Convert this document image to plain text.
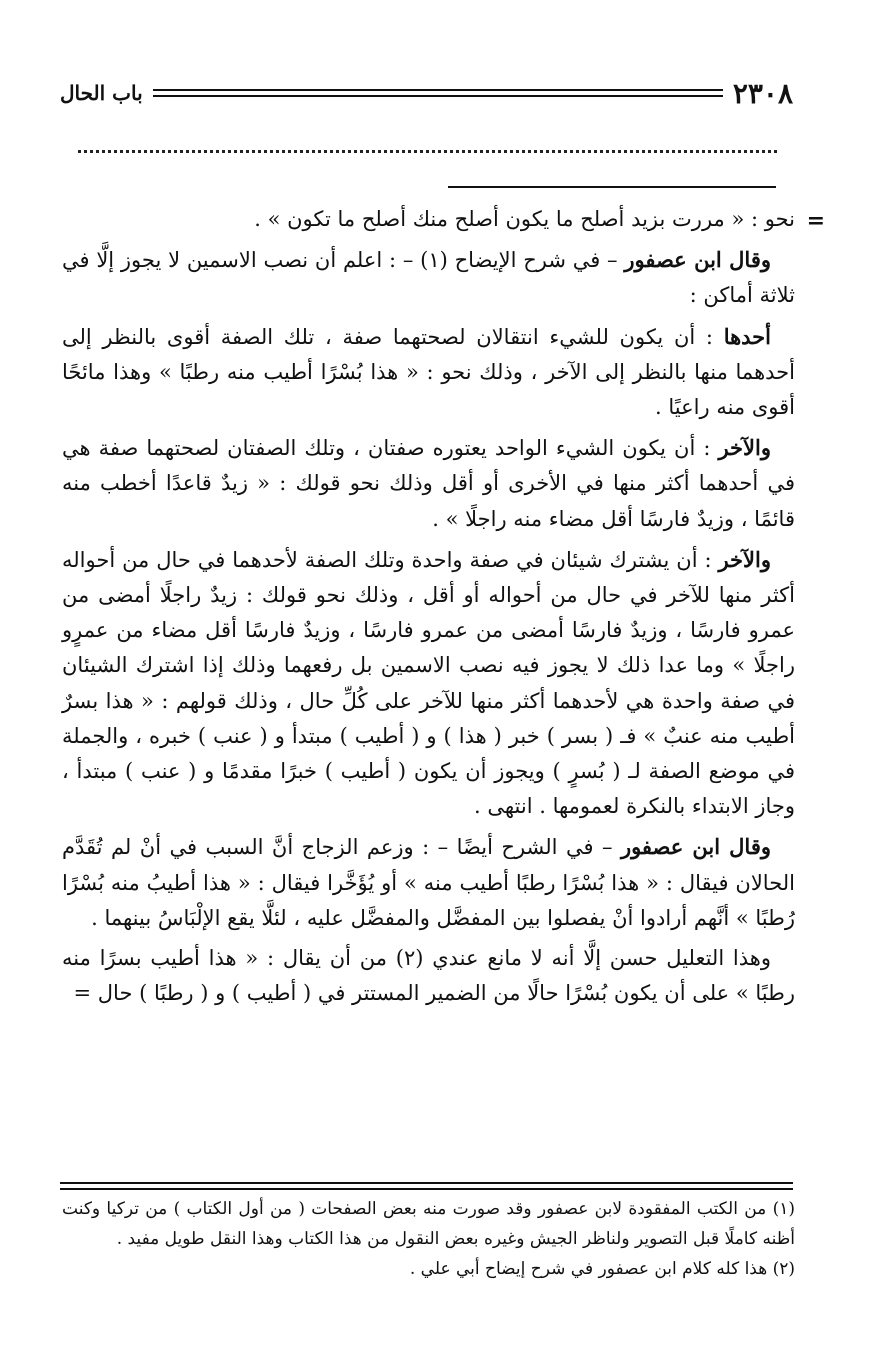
٢٣٠٨
باب الحال
=

نحو : « مررت بزيد أصلح ما يكون أصلح منك أصلح ما تكون » .

وقال ابن عصفور – في شرح الإيضاح (١) – : اعلم أن نصب الاسمين لا يجوز إلَّا في ثلاثة أماكن :

أحدها : أن يكون للشيء انتقالان لصحتهما صفة ، تلك الصفة أقوى بالنظر إلى أحدهما منها بالنظر إلى الآخر ، وذلك نحو : « هذا بُسْرًا أطيب منه رطبًا » وهذا مائحًا أقوى منه راعيًا .

والآخر : أن يكون الشيء الواحد يعتوره صفتان ، وتلك الصفتان لصحتهما صفة هي في أحدهما أكثر منها في الأخرى أو أقل وذلك نحو قولك : « زيدٌ قاعدًا أخطب منه قائمًا ، وزيدٌ فارسًا أقل مضاء منه راجلًا » .

والآخر : أن يشترك شيئان في صفة واحدة وتلك الصفة لأحدهما في حال من أحواله أكثر منها للآخر في حال من أحواله أو أقل ، وذلك نحو قولك : زيدٌ راجلًا أمضى من عمرو فارسًا ، وزيدٌ فارسًا أمضى من عمرو فارسًا ، وزيدٌ فارسًا أقل مضاء من عمرٍو راجلًا » وما عدا ذلك لا يجوز فيه نصب الاسمين بل رفعهما وذلك إذا اشترك الشيئان في صفة واحدة هي لأحدهما أكثر منها للآخر على كُلِّ حال ، وذلك قولهم : « هذا بسرٌ أطيب منه عنبٌ » فـ ( بسر ) خبر ( هذا ) و ( أطيب ) مبتدأ و ( عنب ) خبره ، والجملة في موضع الصفة لـ ( بُسرٍ ) ويجوز أن يكون ( أطيب ) خبرًا مقدمًا و ( عنب ) مبتدأ ، وجاز الابتداء بالنكرة لعمومها . انتهى .

وقال ابن عصفور – في الشرح أيضًا – : وزعم الزجاج أنَّ السبب في أنْ لم تُقَدَّم الحالان فيقال : « هذا بُسْرًا رطبًا أطيب منه » أو يُؤَخَّرا فيقال : « هذا أطيبُ منه بُسْرًا رُطبًا » أنَّهم أرادوا أنْ يفصلوا بين المفضَّل والمفضَّل عليه ، لئلَّا يقع الإلْبَاسُ بينهما .

وهذا التعليل حسن إلَّا أنه لا مانع عندي (٢) من أن يقال : « هذا أطيب بسرًا منه رطبًا » على أن يكون بُسْرًا حالًا من الضمير المستتر في ( أطيب ) و ( رطبًا ) حال =

(١) من الكتب المفقودة لابن عصفور وقد صورت منه بعض الصفحات ( من أول الكتاب ) من تركيا وكنت أظنه كاملًا قبل التصوير ولناظر الجيش وغيره بعض النقول من هذا الكتاب وهذا النقل طويل مفيد .

(٢) هذا كله كلام ابن عصفور في شرح إيضاح أبي علي .
